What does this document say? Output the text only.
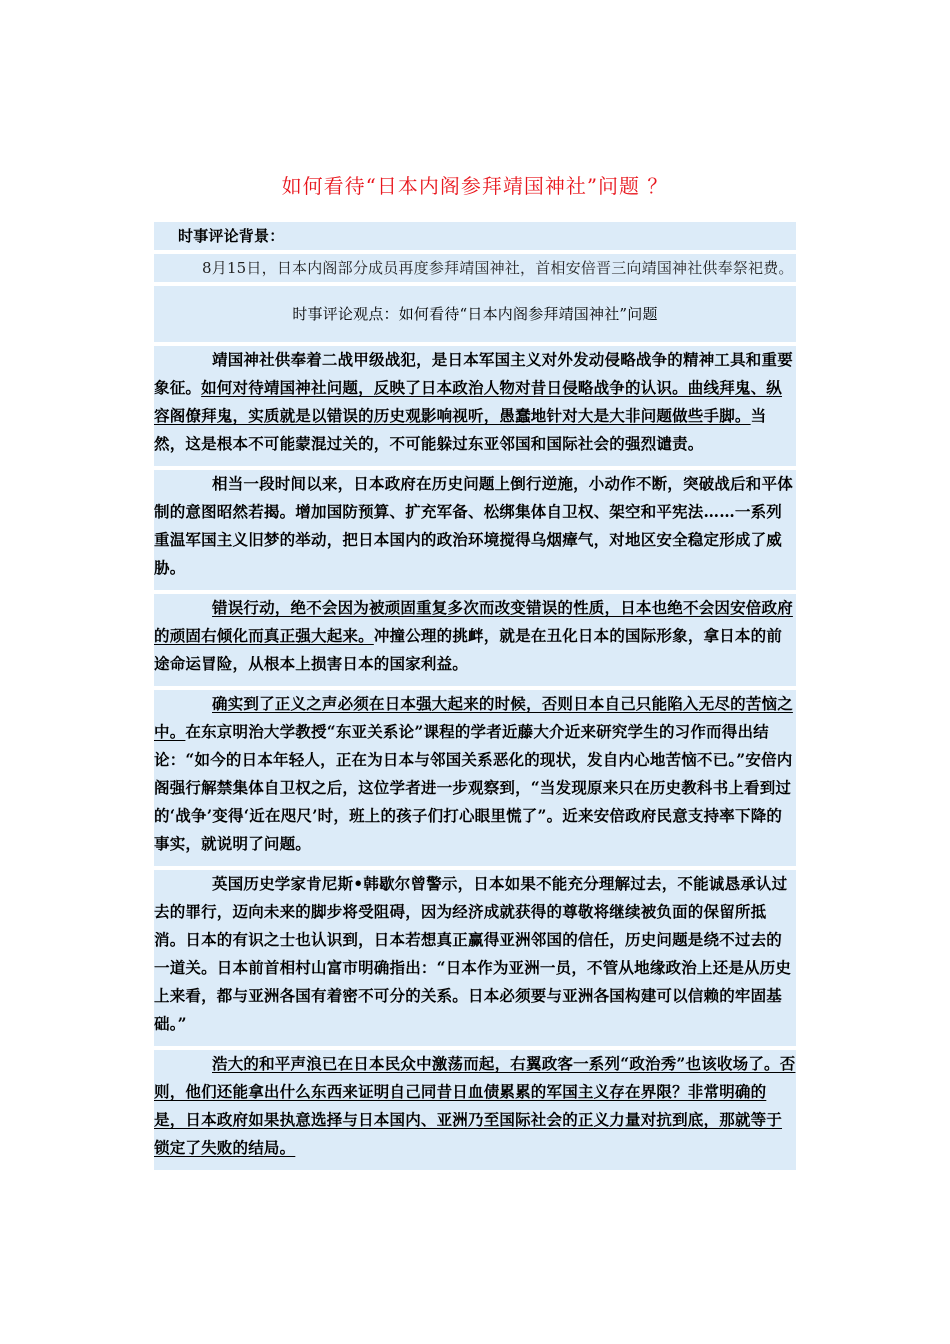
如何看待“日本内阁参拜靖国神社”问题 ？
时事评论背景：
8月15日，日本内阁部分成员再度参拜靖国神社，首相安倍晋三向靖国神社供奉祭祀费。
时事评论观点：如何看待“日本内阁参拜靖国神社”问题
靖国神社供奉着二战甲级战犯，是日本军国主义对外发动侵略战争的精神工具和重要象征。如何对待靖国神社问题，反映了日本政治人物对昔日侵略战争的认识。曲线拜鬼、纵容阁僚拜鬼，实质就是以错误的历史观影响视听，愚蠢地针对大是大非问题做些手脚。当然，这是根本不可能蒙混过关的，不可能躲过东亚邻国和国际社会的强烈谴责。
相当一段时间以来，日本政府在历史问题上倒行逆施，小动作不断，突破战后和平体制的意图昭然若揭。增加国防预算、扩充军备、松绑集体自卫权、架空和平宪法……一系列重温军国主义旧梦的举动，把日本国内的政治环境搅得乌烟瘴气，对地区安全稳定形成了威胁。
错误行动，绝不会因为被顽固重复多次而改变错误的性质，日本也绝不会因安倍政府的顽固右倾化而真正强大起来。冲撞公理的挑衅，就是在丑化日本的国际形象，拿日本的前途命运冒险，从根本上损害日本的国家利益。
确实到了正义之声必须在日本强大起来的时候，否则日本自己只能陷入无尽的苦恼之中。在东京明治大学教授“东亚关系论”课程的学者近藤大介近来研究学生的习作而得出结论：“如今的日本年轻人，正在为日本与邻国关系恶化的现状，发自内心地苦恼不已。”安倍内阁强行解禁集体自卫权之后，这位学者进一步观察到，“当发现原来只在历史教科书上看到过的‘战争’变得‘近在咫尺’时，班上的孩子们打心眼里慌了”。近来安倍政府民意支持率下降的事实，就说明了问题。
英国历史学家肯尼斯•韩歇尔曾警示，日本如果不能充分理解过去，不能诚恳承认过去的罪行，迈向未来的脚步将受阻碍，因为经济成就获得的尊敬将继续被负面的保留所抵消。日本的有识之士也认识到，日本若想真正赢得亚洲邻国的信任，历史问题是绕不过去的一道关。日本前首相村山富市明确指出：“日本作为亚洲一员，不管从地缘政治上还是从历史上来看，都与亚洲各国有着密不可分的关系。日本必须要与亚洲各国构建可以信赖的牢固基础。”
浩大的和平声浪已在日本民众中激荡而起，右翼政客一系列“政治秀”也该收场了。否则，他们还能拿出什么东西来证明自己同昔日血债累累的军国主义存在界限？非常明确的是，日本政府如果执意选择与日本国内、亚洲乃至国际社会的正义力量对抗到底，那就等于锁定了失败的结局。
